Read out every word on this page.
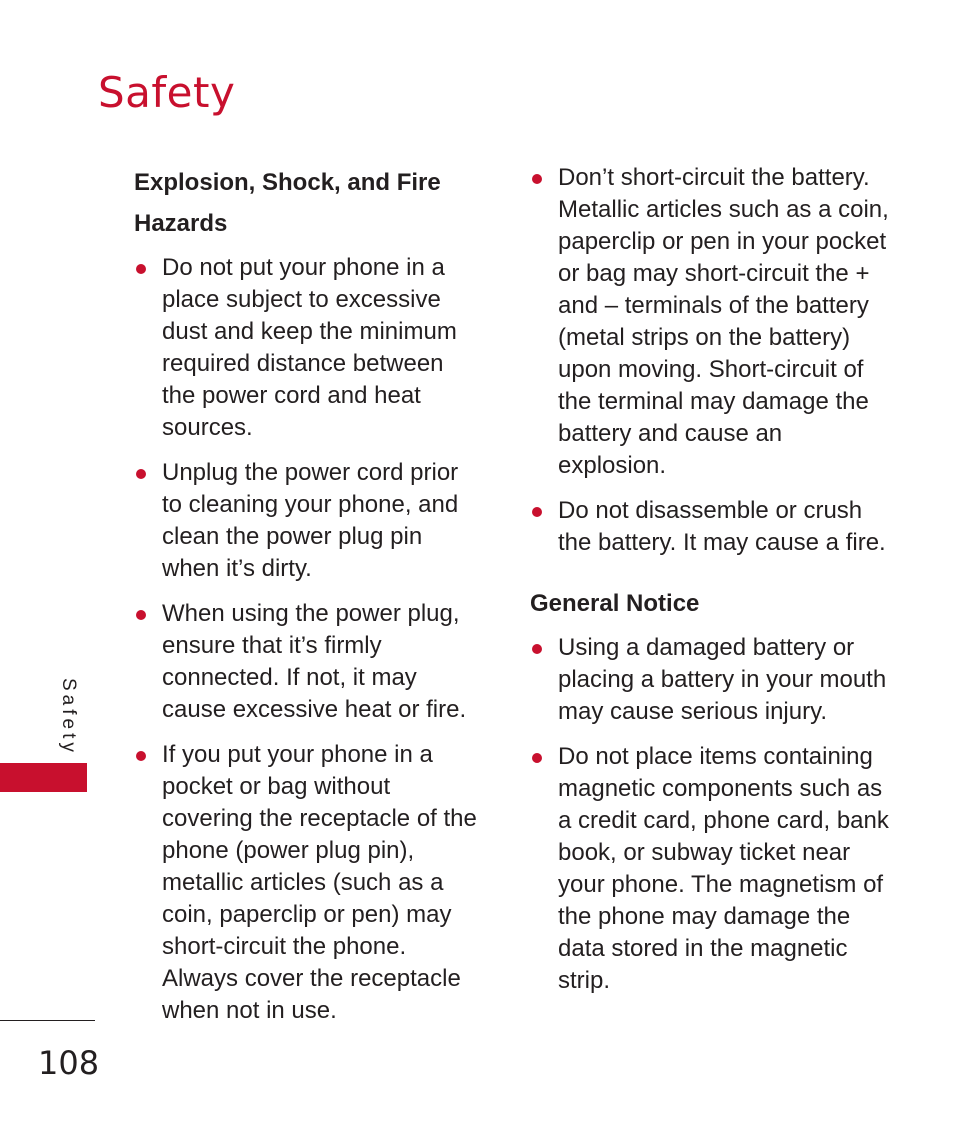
Safety
Safety
108
Explosion, Shock, and Fire Hazards
Do not put your phone in a place subject to excessive dust and keep the minimum required distance between the power cord and heat sources.
Unplug the power cord prior to cleaning your phone, and clean the power plug pin when it’s dirty.
When using the power plug, ensure that it’s firmly connected. If not, it may cause excessive heat or fire.
If you put your phone in a pocket or bag without covering the receptacle of the phone (power plug pin), metallic articles (such as a coin, paperclip or pen) may short-circuit the phone. Always cover the receptacle when not in use.
Don’t short-circuit the battery. Metallic articles such as a coin, paperclip or pen in your pocket or bag may short-circuit the + and – terminals of the battery (metal strips on the battery) upon moving. Short-circuit of the terminal may damage the battery and cause an explosion.
Do not disassemble or crush the battery. It may cause a fire.
General Notice
Using a damaged battery or placing a battery in your mouth may cause serious injury.
Do not place items containing magnetic components such as a credit card, phone card, bank book, or subway ticket near your phone. The magnetism of the phone may damage the data stored in the magnetic strip.
